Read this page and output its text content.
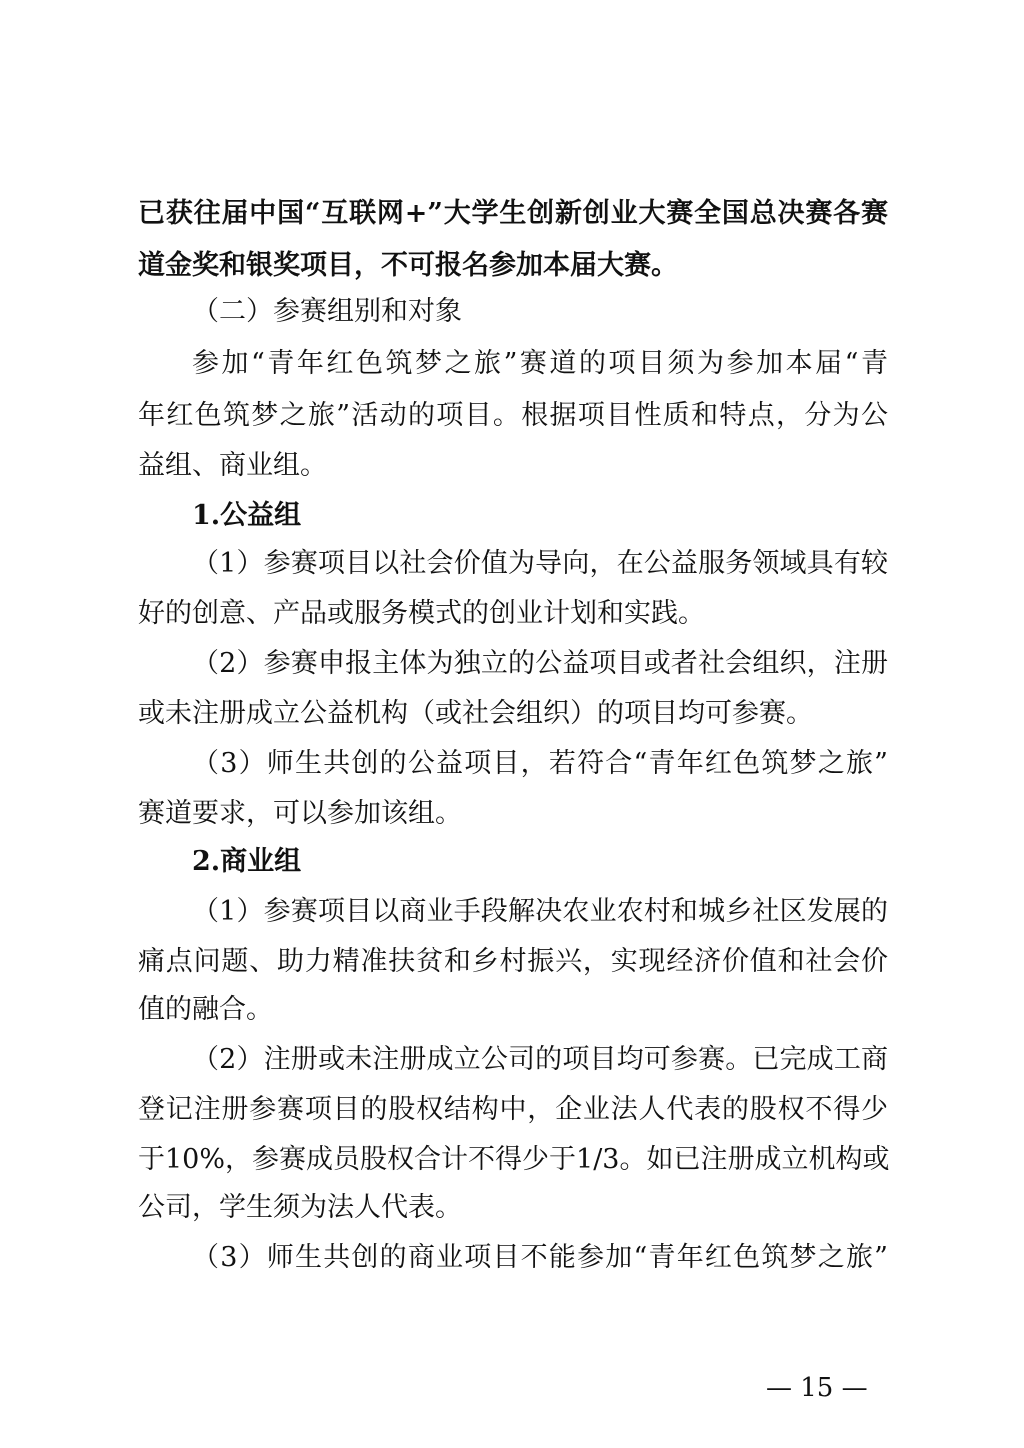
已获往届中国“互联网+”大学生创新创业大赛全国总决赛各赛
道金奖和银奖项目，不可报名参加本届大赛。
（二）参赛组别和对象
参加“青年红色筑梦之旅”赛道的项目须为参加本届“青
年红色筑梦之旅”活动的项目。根据项目性质和特点，分为公
益组、商业组。
1.公益组
（1）参赛项目以社会价值为导向，在公益服务领域具有较
好的创意、产品或服务模式的创业计划和实践。
（2）参赛申报主体为独立的公益项目或者社会组织，注册
或未注册成立公益机构（或社会组织）的项目均可参赛。
（3）师生共创的公益项目，若符合“青年红色筑梦之旅”
赛道要求，可以参加该组。
2.商业组
（1）参赛项目以商业手段解决农业农村和城乡社区发展的
痛点问题、助力精准扶贫和乡村振兴，实现经济价值和社会价
值的融合。
（2）注册或未注册成立公司的项目均可参赛。已完成工商
登记注册参赛项目的股权结构中，企业法人代表的股权不得少
于10%，参赛成员股权合计不得少于1/3。如已注册成立机构或
公司，学生须为法人代表。
（3）师生共创的商业项目不能参加“青年红色筑梦之旅”
— 15 —
